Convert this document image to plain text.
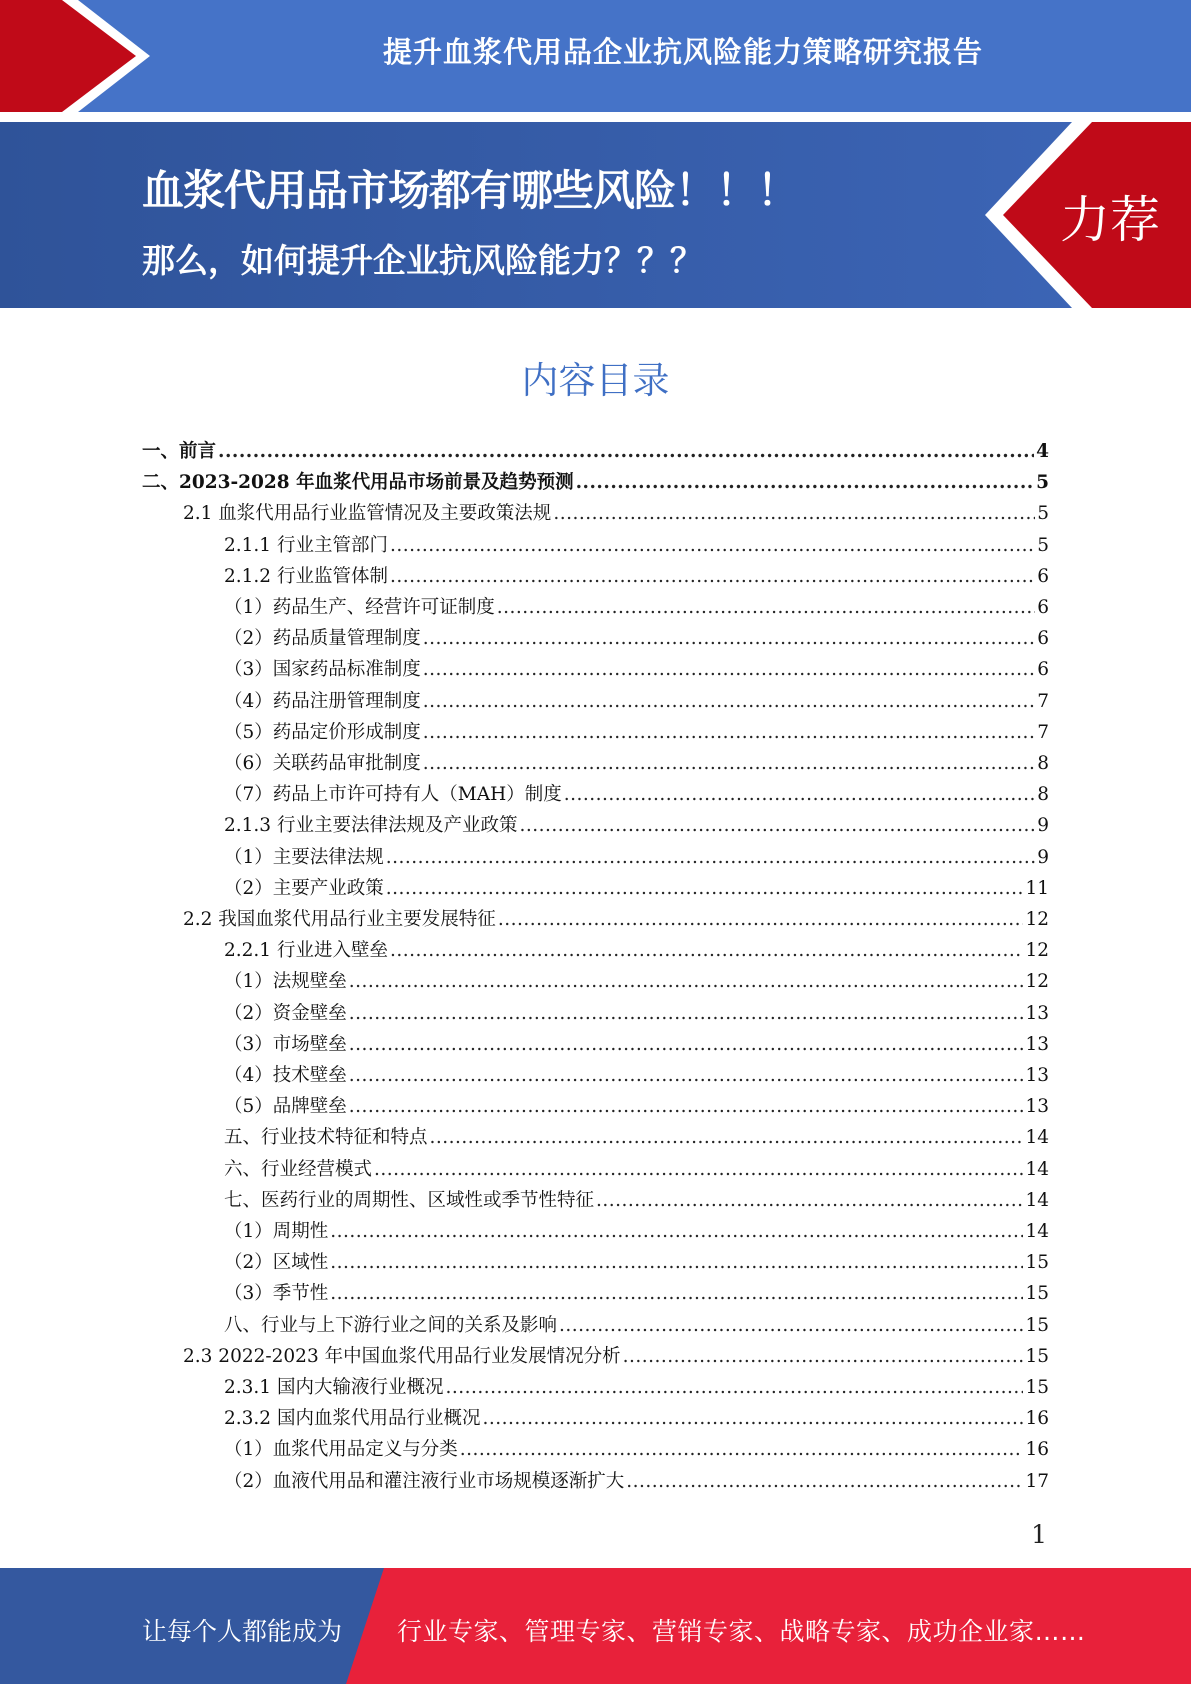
提升血浆代用品企业抗风险能力策略研究报告
血浆代用品市场都有哪些风险！！！
那么，如何提升企业抗风险能力？？？
力荐
内容目录
一、前言 .....	4
二、2023-2028 年血浆代用品市场前景及趋势预测 .....	5
2.1 血浆代用品行业监管情况及主要政策法规 .....	5
2.1.1 行业主管部门 .....	5
2.1.2 行业监管体制 .....	6
（1）药品生产、经营许可证制度 .....	6
（2）药品质量管理制度 .....	6
（3）国家药品标准制度 .....	6
（4）药品注册管理制度 .....	7
（5）药品定价形成制度 .....	7
（6）关联药品审批制度 .....	8
（7）药品上市许可持有人（MAH）制度 .....	8
2.1.3 行业主要法律法规及产业政策 .....	9
（1）主要法律法规 .....	9
（2）主要产业政策 .....	11
2.2 我国血浆代用品行业主要发展特征 .....	12
2.2.1 行业进入壁垒 .....	12
（1）法规壁垒 .....	12
（2）资金壁垒 .....	13
（3）市场壁垒 .....	13
（4）技术壁垒 .....	13
（5）品牌壁垒 .....	13
五、行业技术特征和特点 .....	14
六、行业经营模式 .....	14
七、医药行业的周期性、区域性或季节性特征 .....	14
（1）周期性 .....	14
（2）区域性 .....	15
（3）季节性 .....	15
八、行业与上下游行业之间的关系及影响 .....	15
2.3 2022-2023 年中国血浆代用品行业发展情况分析 .....	15
2.3.1 国内大输液行业概况 .....	15
2.3.2 国内血浆代用品行业概况 .....	16
（1）血浆代用品定义与分类 .....	16
（2）血液代用品和灌注液行业市场规模逐渐扩大 .....	17
1
让每个人都能成为 行业专家、管理专家、营销专家、战略专家、成功企业家……
